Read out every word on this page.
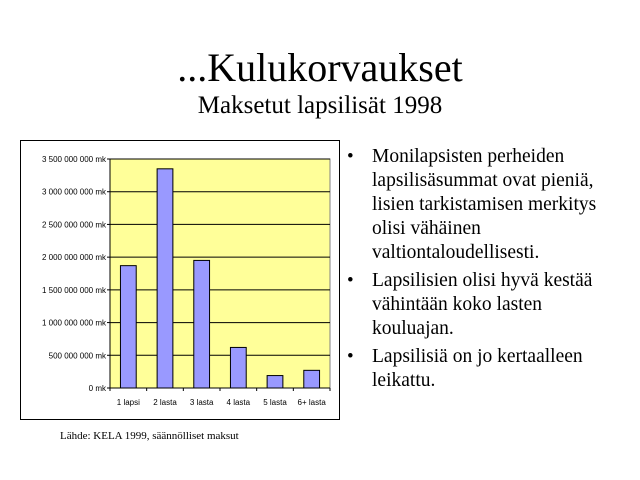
...Kulukorvaukset
Maksetut lapsilisät 1998
0 mk
500 000 000 mk
1 000 000 000 mk
1 500 000 000 mk
2 000 000 000 mk
2 500 000 000 mk
3 000 000 000 mk
3 500 000 000 mk
1 lapsi 2 lasta 3 lasta 4 lasta 5 lasta 6+ lasta
Lähde: KELA 1999, säännölliset maksut
• Monilapsisten perheiden lapsilisäsummat ovat pieniä, lisien tarkistamisen merkitys olisi vähäinen valtiontaloudellisesti.
• Lapsilisien olisi hyvä kestää vähintään koko lasten kouluajan.
• Lapsilisiä on jo kertaalleen leikattu.
